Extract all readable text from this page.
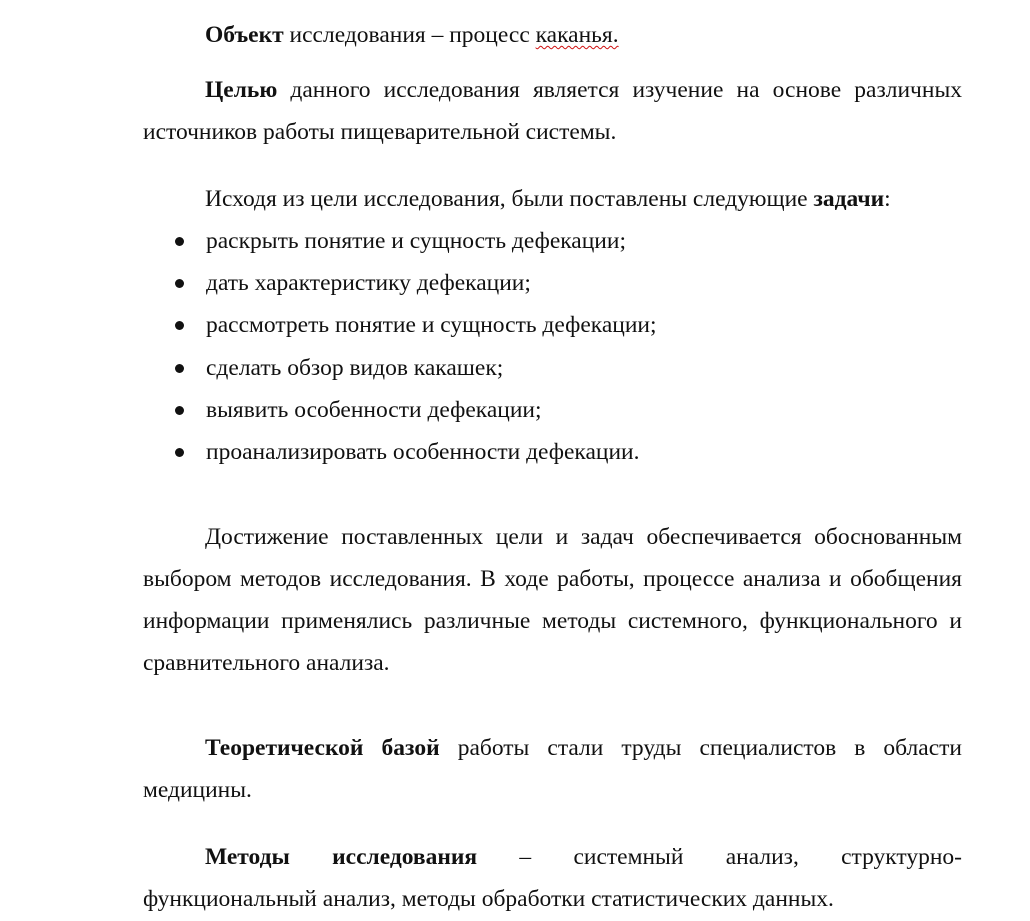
Объект исследования – процесс каканья.

Целью данного исследования является изучение на основе различных источников работы пищеварительной системы.

Исходя из цели исследования, были поставлены следующие задачи:

раскрыть понятие и сущность дефекации;
дать характеристику дефекации;
рассмотреть понятие и сущность дефекации;
сделать обзор видов какашек;
выявить особенности дефекации;
проанализировать особенности дефекации.

Достижение поставленных цели и задач обеспечивается обоснованным выбором методов исследования. В ходе работы, процессе анализа и обобщения информации применялись различные методы системного, функционального и сравнительного анализа.

Теоретической базой работы стали труды специалистов в области медицины.

Методы исследования – системный анализ, структурно-
функциональный анализ, методы обработки статистических данных.
